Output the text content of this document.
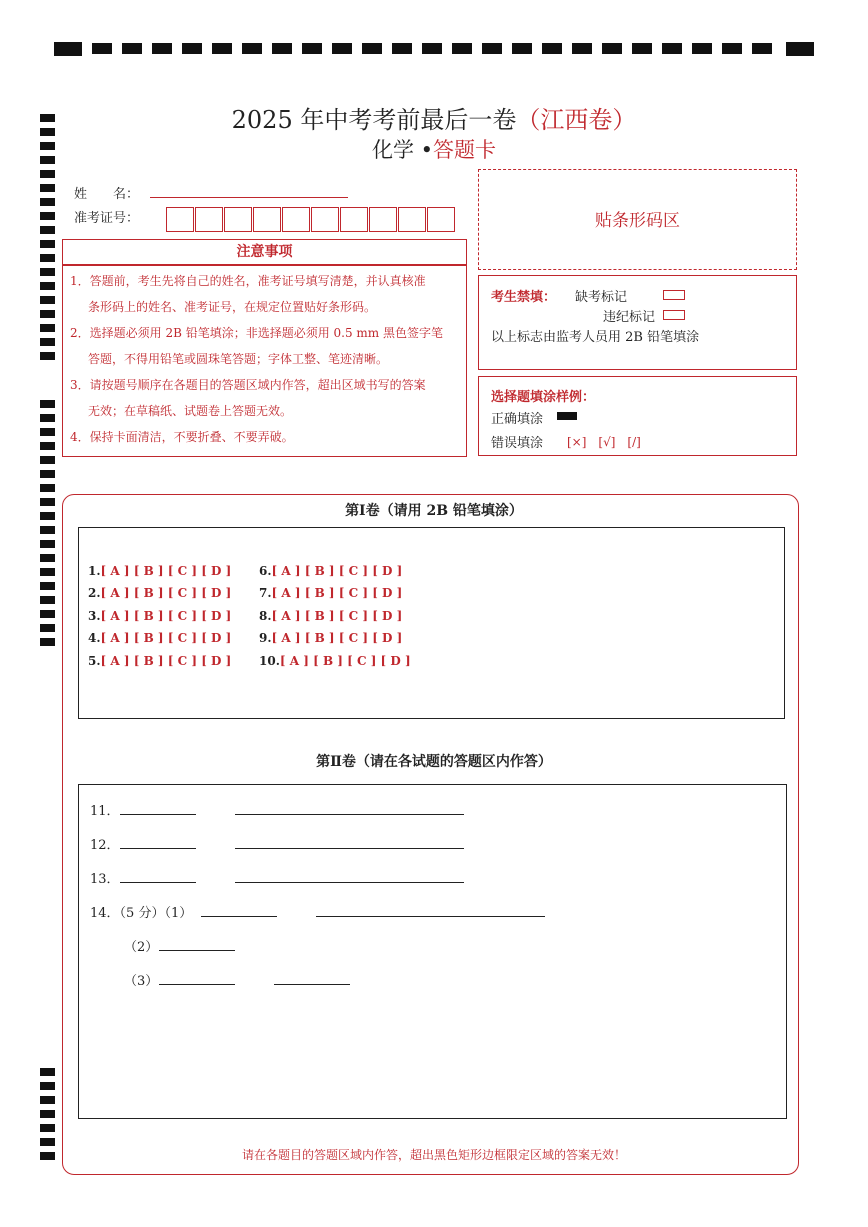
2025 年中考考前最后一卷（江西卷）
化学 •答题卡
姓　　名：
准考证号：	贴条形码区
注意事项
1．答题前，考生先将自己的姓名，准考证号填写清楚，并认真核准
条形码上的姓名、准考证号，在规定位置贴好条形码。
2．选择题必须用 2B 铅笔填涂；非选择题必须用 0.5 mm 黑色签字笔
答题，不得用铅笔或圆珠笔答题；字体工整、笔迹清晰。
3．请按题号顺序在各题目的答题区域内作答，超出区域书写的答案
无效；在草稿纸、试题卷上答题无效。
4．保持卡面清洁，不要折叠、不要弄破。
考生禁填： 缺考标记
违纪标记
以上标志由监考人员用 2B 铅笔填涂
选择题填涂样例：
正确填涂
错误填涂 [×]　[√]　[/]
第Ⅰ卷（请用 2B 铅笔填涂）
1.[ A ] [ B ] [ C ] [ D ]
2.[ A ] [ B ] [ C ] [ D ]
3.[ A ] [ B ] [ C ] [ D ]
4.[ A ] [ B ] [ C ] [ D ]
5.[ A ] [ B ] [ C ] [ D ]
6.[ A ] [ B ] [ C ] [ D ]
7.[ A ] [ B ] [ C ] [ D ]
8.[ A ] [ B ] [ C ] [ D ]
9.[ A ] [ B ] [ C ] [ D ]
10.[ A ] [ B ] [ C ] [ D ]
第Ⅱ卷（请在各试题的答题区内作答）
11．
12．
13．
14．（5 分）（1）
（2）
（3）
请在各题目的答题区域内作答，超出黑色矩形边框限定区域的答案无效！
